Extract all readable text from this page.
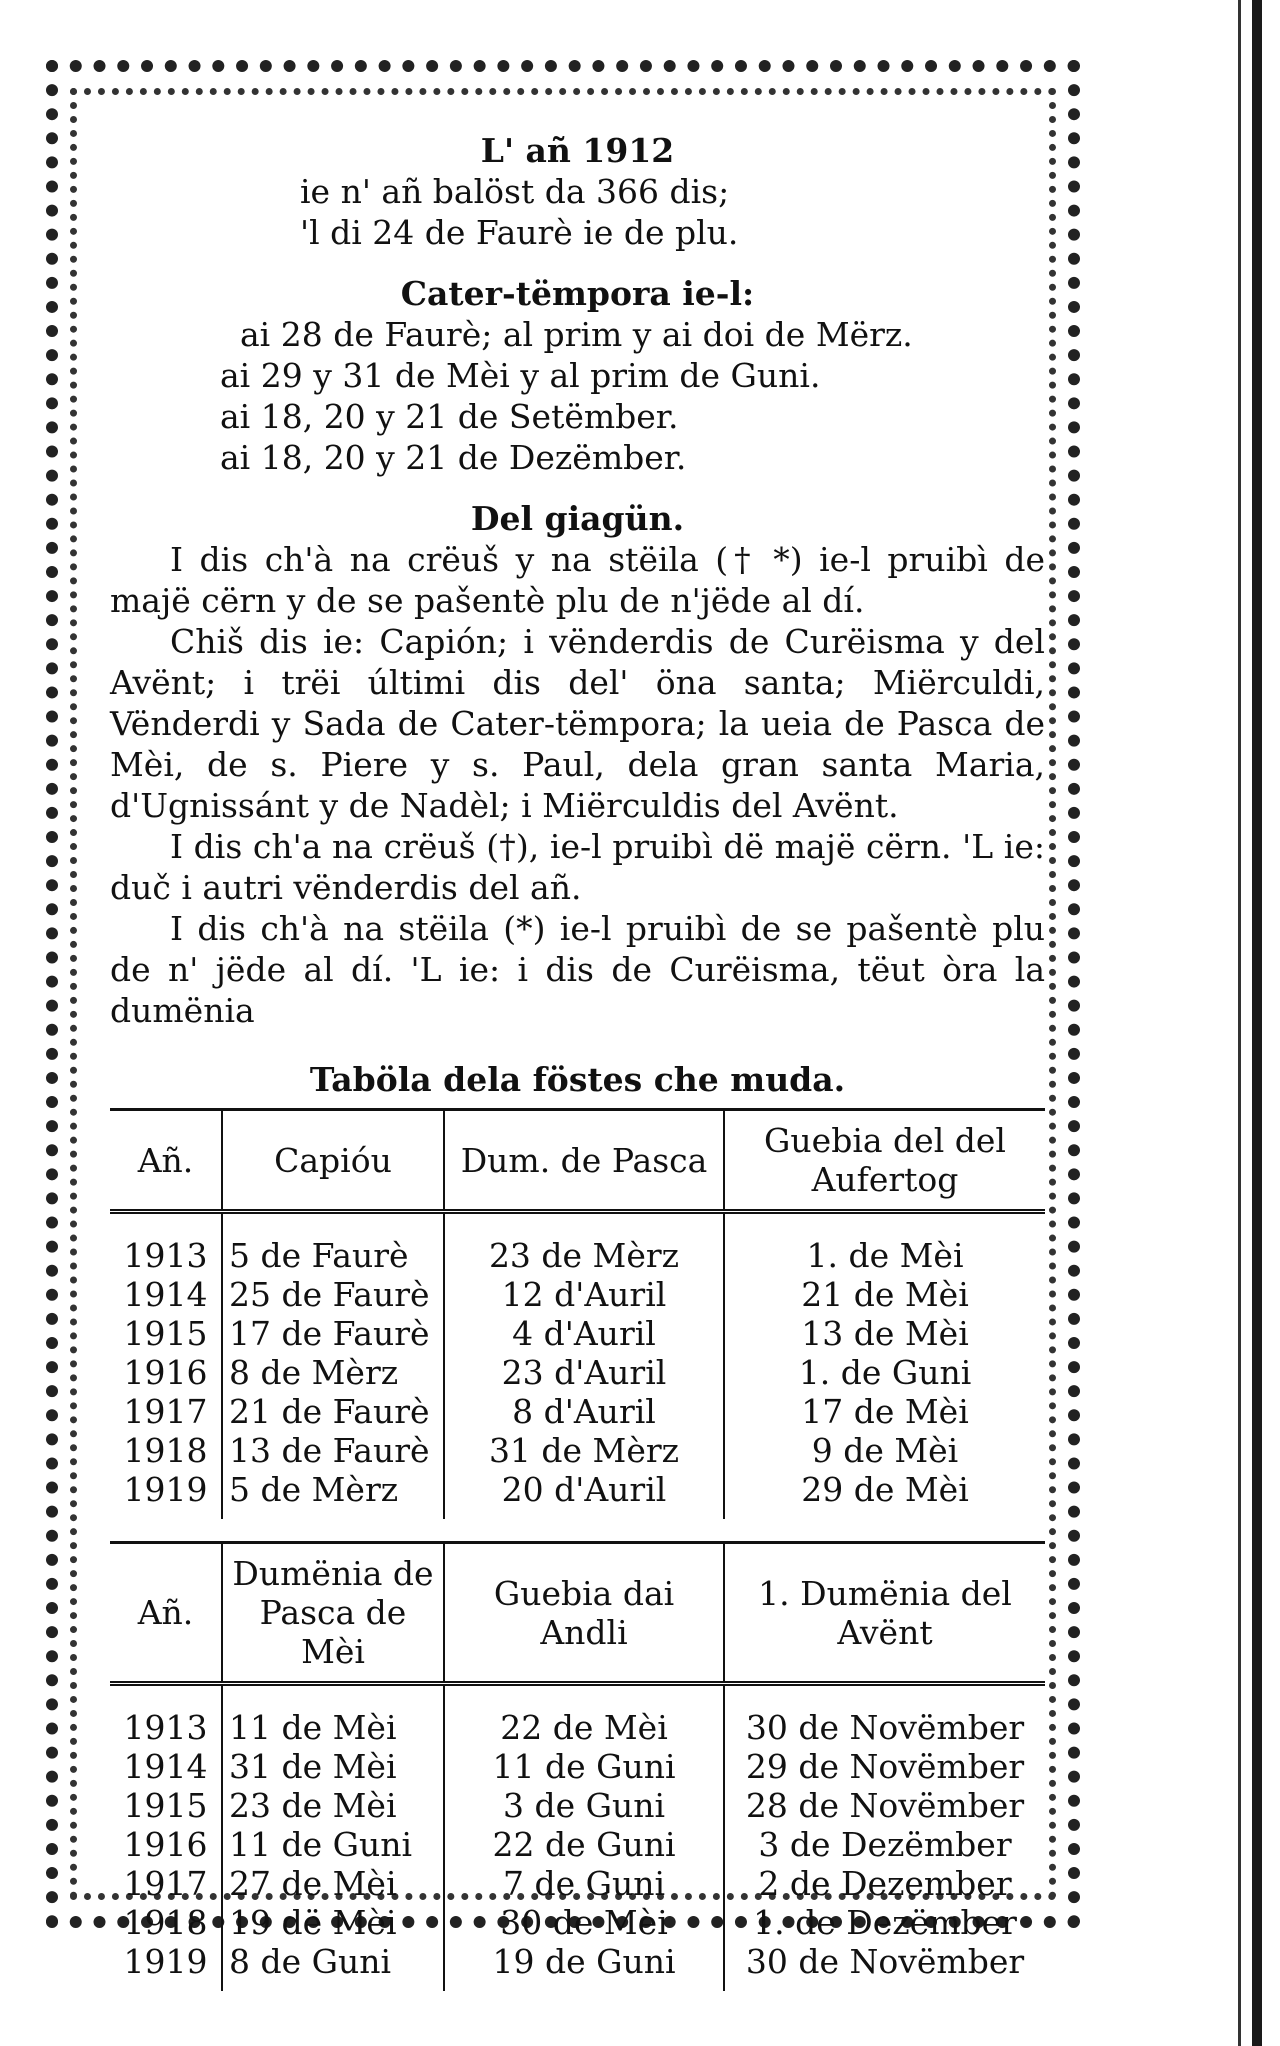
L' añ 1912
ie n' añ balöst da 366 dis;
'l di 24 de Faurè ie de plu.
Cater-tëmpora ie-l:
ai 28 de Faurè; al prim y ai doi de Mërz.
ai 29 y 31 de Mèi y al prim de Guni.
ai 18, 20 y 21 de Setëmber.
ai 18, 20 y 21 de Dezëmber.
Del giagün.
I dis ch'à na crëuš y na stëila († *) ie-l pruibì de majë cërn y de se pašentè plu de n'jëde al dí.
Chiš dis ie: Capión; i vënderdis de Curëisma y del Avënt; i trëi últimi dis del' öna santa; Miërculdi, Vënderdi y Sada de Cater-tëmpora; la ueia de Pasca de Mèi, de s. Piere y s. Paul, dela gran santa Maria, d'Ugnissánt y de Nadèl; i Miërculdis del Avënt.
I dis ch'a na crëuš (†), ie-l pruibì dë majë cërn. 'L ie: duč i autri vënderdis del añ.
I dis ch'à na stëila (*) ie-l pruibì de se pašentè plu de n' jëde al dí. 'L ie: i dis de Curëisma, tëut òra la dumënia
Taböla dela föstes che muda.
Añ.	Capióu	Dum. de Pasca	Guebia del del Aufertog
1913	5 de Faurè	23 de Mèrz	1. de Mèi
1914	25 de Faurè	12 d'Auril	21 de Mèi
1915	17 de Faurè	4 d'Auril	13 de Mèi
1916	8 de Mèrz	23 d'Auril	1. de Guni
1917	21 de Faurè	8 d'Auril	17 de Mèi
1918	13 de Faurè	31 de Mèrz	9 de Mèi
1919	5 de Mèrz	20 d'Auril	29 de Mèi
Añ.	Dumënia de Pasca de Mèi	Guebia dai Andli	1. Dumënia del Avënt
1913	11 de Mèi	22 de Mèi	30 de Novëmber
1914	31 de Mèi	11 de Guni	29 de Novëmber
1915	23 de Mèi	3 de Guni	28 de Novëmber
1916	11 de Guni	22 de Guni	3 de Dezëmber
1917	27 de Mèi	7 de Guni	2 de Dezember
1918	19 dë Mèi	30 de Mèi	1. de Dezëmber
1919	8 de Guni	19 de Guni	30 de Novëmber
